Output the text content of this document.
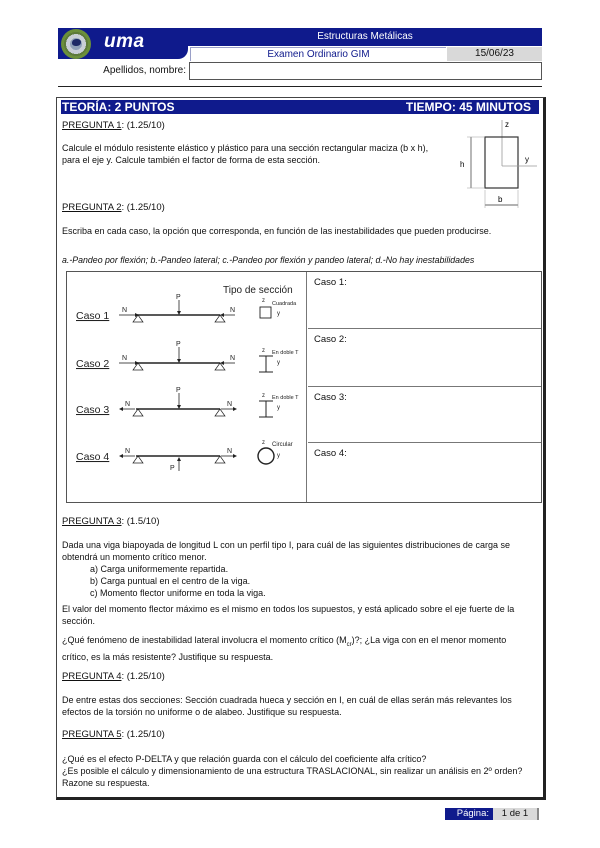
uma	Estructuras Metálicas
Examen Ordinario GIM	15/06/23
Apellidos, nombre:
TEORÍA: 2 PUNTOS	TIEMPO: 45 MINUTOS
PREGUNTA 1: (1.25/10)
Calcule el módulo resistente elástico y plástico para una sección rectangular maciza (b x h), para el eje y. Calcule también el factor de forma de esta sección.
z
y
h
b
PREGUNTA 2: (1.25/10)
Escriba en cada caso, la opción que corresponda, en función de las inestabilidades que pueden producirse.
a.-Pandeo por flexión; b.-Pandeo lateral; c.-Pandeo por flexión y pandeo lateral; d.-No hay inestabilidades
Tipo de sección
Caso 1 N
P
N
z Cuadrada
y
Caso 2 N
P
N
z En doble T
y
Caso 3 N
P
N
z En doble T
y
Caso 4 N
P
N
z Circular
y
Caso 1:
Caso 2:
Caso 3:
Caso 4:
PREGUNTA 3: (1.5/10)
Dada una viga biapoyada de longitud L con un perfil tipo I, para cuál de las siguientes distribuciones de carga se obtendrá un momento crítico menor.
a) Carga uniformemente repartida.
b) Carga puntual en el centro de la viga.
c) Momento flector uniforme en toda la viga.
El valor del momento flector máximo es el mismo en todos los supuestos, y está aplicado sobre el eje fuerte de la sección.
¿Qué fenómeno de inestabilidad lateral involucra el momento crítico $(M_{cr})$?; ¿La viga con en el menor momento crítico, es la más resistente? Justifique su respuesta.
PREGUNTA 4: (1.25/10)
De entre estas dos secciones: Sección cuadrada hueca y sección en I, en cuál de ellas serán más relevantes los efectos de la torsión no uniforme o de alabeo. Justifique su respuesta.
PREGUNTA 5: (1.25/10)
¿Qué es el efecto P-DELTA y que relación guarda con el cálculo del coeficiente alfa crítico?
¿Es posible el cálculo y dimensionamiento de una estructura TRASLACIONAL, sin realizar un análisis en 2º orden? Razone su respuesta.
Página:	1 de 1
